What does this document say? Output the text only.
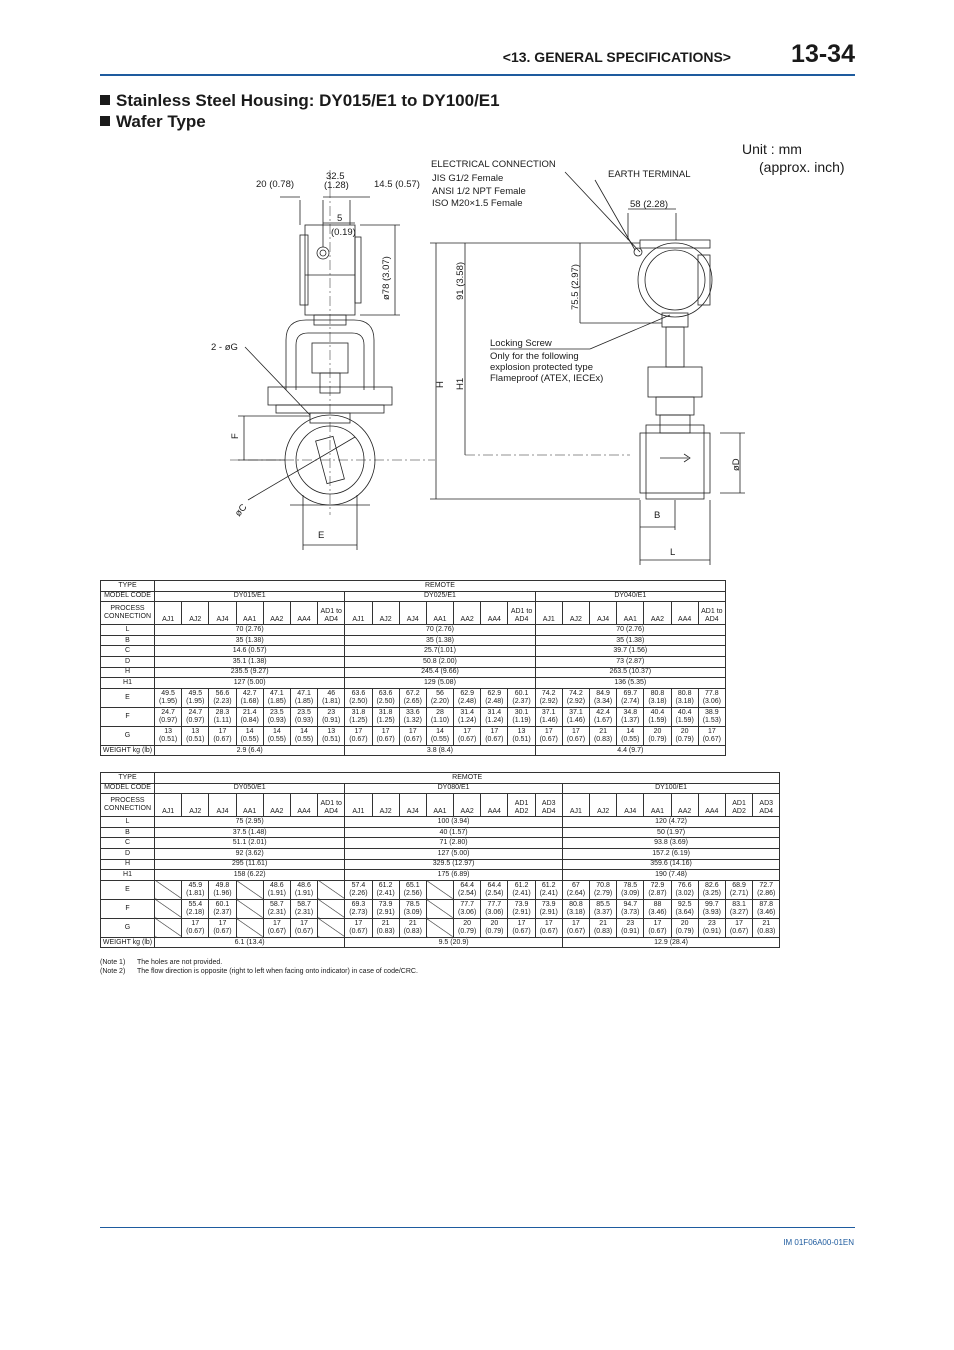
<13. GENERAL SPECIFICATIONS> 13-34
Stainless Steel Housing: DY015/E1 to DY100/E1
Wafer Type
Unit : mm
(approx. inch)
20 (0.78)
32.5
(1.28)	14.5 (0.57)
5
(0.19)
ø78 (3.07)
2 - øG
F
øC
E
ELECTRICAL CONNECTION
JIS G1/2 Female
ANSI 1/2 NPT Female
ISO M20×1.5 Female
EARTH TERMINAL
58 (2.28)
91 (3.58)	75.5 (2.97)
Locking Screw
Only for the following
explosion protected type
Flameproof (ATEX, IECEx)
H H1
øD
B
L
TYPE	REMOTE																				
MODEL CODE	DY015/E1							DY025/E1							DY040/E1						
PROCESS CONNECTION	AJ1	AJ2	AJ4	AA1	AA2	AA4	AD1 to AD4	AJ1	AJ2	AJ4	AA1	AA2	AA4	AD1 to AD4	AJ1	AJ2	AJ4	AA1	AA2	AA4	AD1 to AD4
L	70 (2.76)							70 (2.76)							70 (2.76)						
B	35 (1.38)							35 (1.38)							35 (1.38)						
C	14.6 (0.57)							25.7(1.01)							39.7 (1.56)						
D	35.1 (1.38)							50.8 (2.00)							73 (2.87)						
H	235.5 (9.27)							245.4 (9.66)							263.5 (10.37)						
H1	127 (5.00)							129 (5.08)							136 (5.35)						
E	49.5 (1.95)	49.5 (1.95)	56.6 (2.23)	42.7 (1.68)	47.1 (1.85)	47.1 (1.85)	46 (1.81)	63.6 (2.50)	63.6 (2.50)	67.2 (2.65)	56 (2.20)	62.9 (2.48)	62.9 (2.48)	60.1 (2.37)	74.2 (2.92)	74.2 (2.92)	84.9 (3.34)	69.7 (2.74)	80.8 (3.18)	80.8 (3.18)	77.8 (3.06)
F	24.7 (0.97)	24.7 (0.97)	28.3 (1.11)	21.4 (0.84)	23.5 (0.93)	23.5 (0.93)	23 (0.91)	31.8 (1.25)	31.8 (1.25)	33.6 (1.32)	28 (1.10)	31.4 (1.24)	31.4 (1.24)	30.1 (1.19)	37.1 (1.46)	37.1 (1.46)	42.4 (1.67)	34.8 (1.37)	40.4 (1.59)	40.4 (1.59)	38.9 (1.53)
G	13 (0.51)	13 (0.51)	17 (0.67)	14 (0.55)	14 (0.55)	14 (0.55)	13 (0.51)	17 (0.67)	17 (0.67)	17 (0.67)	14 (0.55)	17 (0.67)	17 (0.67)	13 (0.51)	17 (0.67)	17 (0.67)	21 (0.83)	14 (0.55)	20 (0.79)	20 (0.79)	17 (0.67)
WEIGHT kg (lb)	2.9 (6.4)							3.8 (8.4)							4.4 (9.7)						
TYPE	REMOTE																						
MODEL CODE	DY050/E1							DY080/E1								DY100/E1							
PROCESS CONNECTION	AJ1	AJ2	AJ4	AA1	AA2	AA4	AD1 to AD4	AJ1	AJ2	AJ4	AA1	AA2	AA4	AD1 AD2	AD3 AD4	AJ1	AJ2	AJ4	AA1	AA2	AA4	AD1 AD2	AD3 AD4
L	75 (2.95)							100 (3.94)								120 (4.72)							
B	37.5 (1.48)							40 (1.57)								50 (1.97)							
C	51.1 (2.01)							71 (2.80)								93.8 (3.69)							
D	92 (3.62)							127 (5.00)								157.2 (6.19)							
H	295 (11.61)							329.5 (12.97)								359.6 (14.16)							
H1	158 (6.22)							175 (6.89)								190 (7.48)							
E		45.9 (1.81)	49.8 (1.96)		48.6 (1.91)	48.6 (1.91)		57.4 (2.26)	61.2 (2.41)	65.1 (2.56)		64.4 (2.54)	64.4 (2.54)	61.2 (2.41)	61.2 (2.41)	67 (2.64)	70.8 (2.79)	78.5 (3.09)	72.9 (2.87)	76.6 (3.02)	82.6 (3.25)	68.9 (2.71)	72.7 (2.86)
F		55.4 (2.18)	60.1 (2.37)		58.7 (2.31)	58.7 (2.31)		69.3 (2.73)	73.9 (2.91)	78.5 (3.09)		77.7 (3.06)	77.7 (3.06)	73.9 (2.91)	73.9 (2.91)	80.8 (3.18)	85.5 (3.37)	94.7 (3.73)	88 (3.46)	92.5 (3.64)	99.7 (3.93)	83.1 (3.27)	87.8 (3.46)
G		17 (0.67)	17 (0.67)		17 (0.67)	17 (0.67)		17 (0.67)	21 (0.83)	21 (0.83)		20 (0.79)	20 (0.79)	17 (0.67)	17 (0.67)	17 (0.67)	21 (0.83)	23 (0.91)	17 (0.67)	20 (0.79)	23 (0.91)	17 (0.67)	21 (0.83)
WEIGHT kg (lb)	6.1 (13.4)							9.5 (20.9)								12.9 (28.4)							
(Note 1) The holes are not provided.
(Note 2) The flow direction is opposite (right to left when facing onto indicator) in case of code/CRC.
IM 01F06A00-01EN
